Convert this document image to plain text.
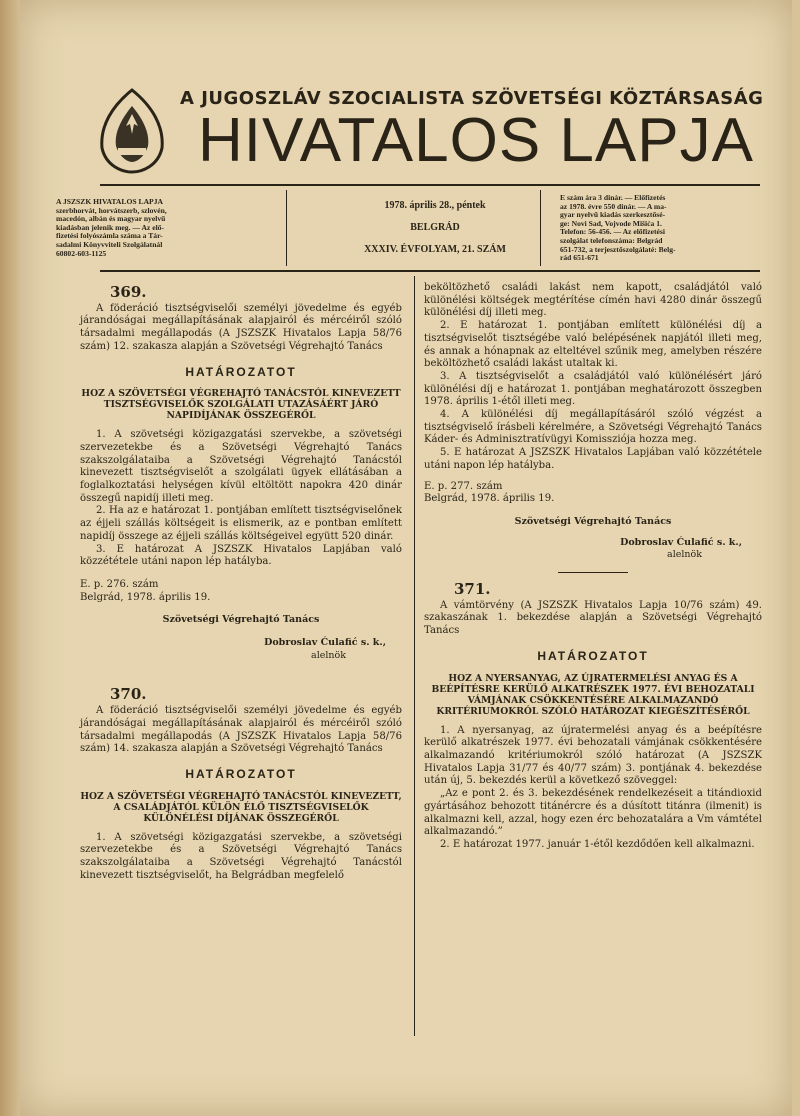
A JUGOSZLÁV SZOCIALISTA SZÖVETSÉGI KÖZTÁRSASÁG
HIVATALOS LAPJA
A JSZSZK HIVATALOS LAPJA
szerbhorvát, horvátszerb, szlovén,
macedón, albán és magyar nyelvű
kiadásban jelenik meg. — Az elő-
fizetési folyószámla száma a Tár-
sadalmi Könyvviteli Szolgálatnál
60802-603-1125
1978. április 28., péntek
BELGRÁD
XXXIV. ÉVFOLYAM, 21. SZÁM
E szám ára 3 dinár. — Előfizetés
az 1978. évre 550 dinár. — A ma-
gyar nyelvű kiadás szerkesztősé-
ge: Novi Sad, Vojvode Mišića 1.
Telefon: 56-456. — Az előfizetési
szolgálat telefonszáma: Belgrád
651-732, a terjesztőszolgálaté: Belg-
rád 651-671

369.

A föderáció tisztségviselői személyi jövedelme és egyéb járandóságai megállapításának alapjairól és mércéiről szóló társadalmi megállapodás (A JSZSZK Hivatalos Lapja 58/76 szám) 12. szakasza alapján a Szövetségi Végrehajtó Tanács

HATÁROZATOT

HOZ A SZÖVETSÉGI VÉGREHAJTÓ TANÁCSTÓL KINEVEZETT TISZTSÉGVISELŐK SZOLGÁLATI UTAZÁSÁÉRT JÁRÓ NAPIDÍJÁNAK ÖSSZEGÉRŐL

1. A szövetségi közigazgatási szervekbe, a szövetségi szervezetekbe és a Szövetségi Végrehajtó Tanács szakszolgálataiba a Szövetségi Végrehajtó Tanácstól kinevezett tisztségviselőt a szolgálati ügyek ellátásában a foglalkoztatási helységen kívül eltöltött napokra 420 dinár összegű napidíj illeti meg.

2. Ha az e határozat 1. pontjában említett tisztségviselőnek az éjjeli szállás költségeit is elismerik, az e pontban említett napidíj összege az éjjeli szállás költségeivel együtt 520 dinár.

3. E határozat A JSZSZK Hivatalos Lapjában való közzététele utáni napon lép hatályba.

E. p. 276. szám

Belgrád, 1978. április 19.

Szövetségi Végrehajtó Tanács

Dobroslav Ćulafić s. k.,

alelnök

370.

A föderáció tisztségviselői személyi jövedelme és egyéb járandóságai megállapításának alapjairól és mércéiről szóló társadalmi megállapodás (A JSZSZK Hivatalos Lapja 58/76 szám) 14. szakasza alapján a Szövetségi Végrehajtó Tanács

HATÁROZATOT

HOZ A SZÖVETSÉGI VÉGREHAJTÓ TANÁCSTÓL KINEVEZETT, A CSALÁDJÁTÓL KÜLÖN ÉLŐ TISZTSÉGVISELŐK KÜLÖNÉLÉSI DÍJÁNAK ÖSSZEGÉRŐL

1. A szövetségi közigazgatási szervekbe, a szövetségi szervezetekbe és a Szövetségi Végrehajtó Tanács szakszolgálataiba a Szövetségi Végrehajtó Tanácstól kinevezett tisztségviselőt, ha Belgrádban megfelelő

beköltözhető családi lakást nem kapott, családjától való különélési költségek megtérítése címén havi 4280 dinár összegű különélési díj illeti meg.

2. E határozat 1. pontjában említett különélési díj a tisztségviselőt tisztségébe való belépésének napjától illeti meg, és annak a hónapnak az elteltével szűnik meg, amelyben részére beköltözhető családi lakást utaltak ki.

3. A tisztségviselőt a családjától való különélésért járó különélési díj e határozat 1. pontjában meghatározott összegben 1978. április 1-étől illeti meg.

4. A különélési díj megállapításáról szóló végzést a tisztségviselő írásbeli kérelmére, a Szövetségi Végrehajtó Tanács Káder- és Adminisztratívügyi Komissziója hozza meg.

5. E határozat A JSZSZK Hivatalos Lapjában való közzététele utáni napon lép hatályba.

E. p. 277. szám

Belgrád, 1978. április 19.

Szövetségi Végrehajtó Tanács

Dobroslav Ćulafić s. k.,

alelnök

371.

A vámtörvény (A JSZSZK Hivatalos Lapja 10/76 szám) 49. szakaszának 1. bekezdése alapján a Szövetségi Végrehajtó Tanács

HATÁROZATOT

HOZ A NYERSANYAG, AZ ÚJRATERMELÉSI ANYAG ÉS A BEÉPÍTÉSRE KERÜLŐ ALKATRÉSZEK 1977. ÉVI BEHOZATALI VÁMJÁNAK CSÖKKENTÉSÉRE ALKALMAZANDÓ KRITÉRIUMOKRÓL SZÓLÓ HATÁROZAT KIEGÉSZÍTÉSÉRŐL

1. A nyersanyag, az újratermelési anyag és a beépítésre kerülő alkatrészek 1977. évi behozatali vámjának csökkentésére alkalmazandó kritériumokról szóló határozat (A JSZSZK Hivatalos Lapja 31/77 és 40/77 szám) 3. pontjának 4. bekezdése után új, 5. bekezdés kerül a következő szöveggel:

„Az e pont 2. és 3. bekezdésének rendelkezéseit a titándioxid gyártásához behozott titánércre és a dúsított titánra (ilmenit) is alkalmazni kell, azzal, hogy ezen érc behozatalára a Vm vámtétel alkalmazandó.”

2. E határozat 1977. január 1-étől kezdődően kell alkalmazni.
